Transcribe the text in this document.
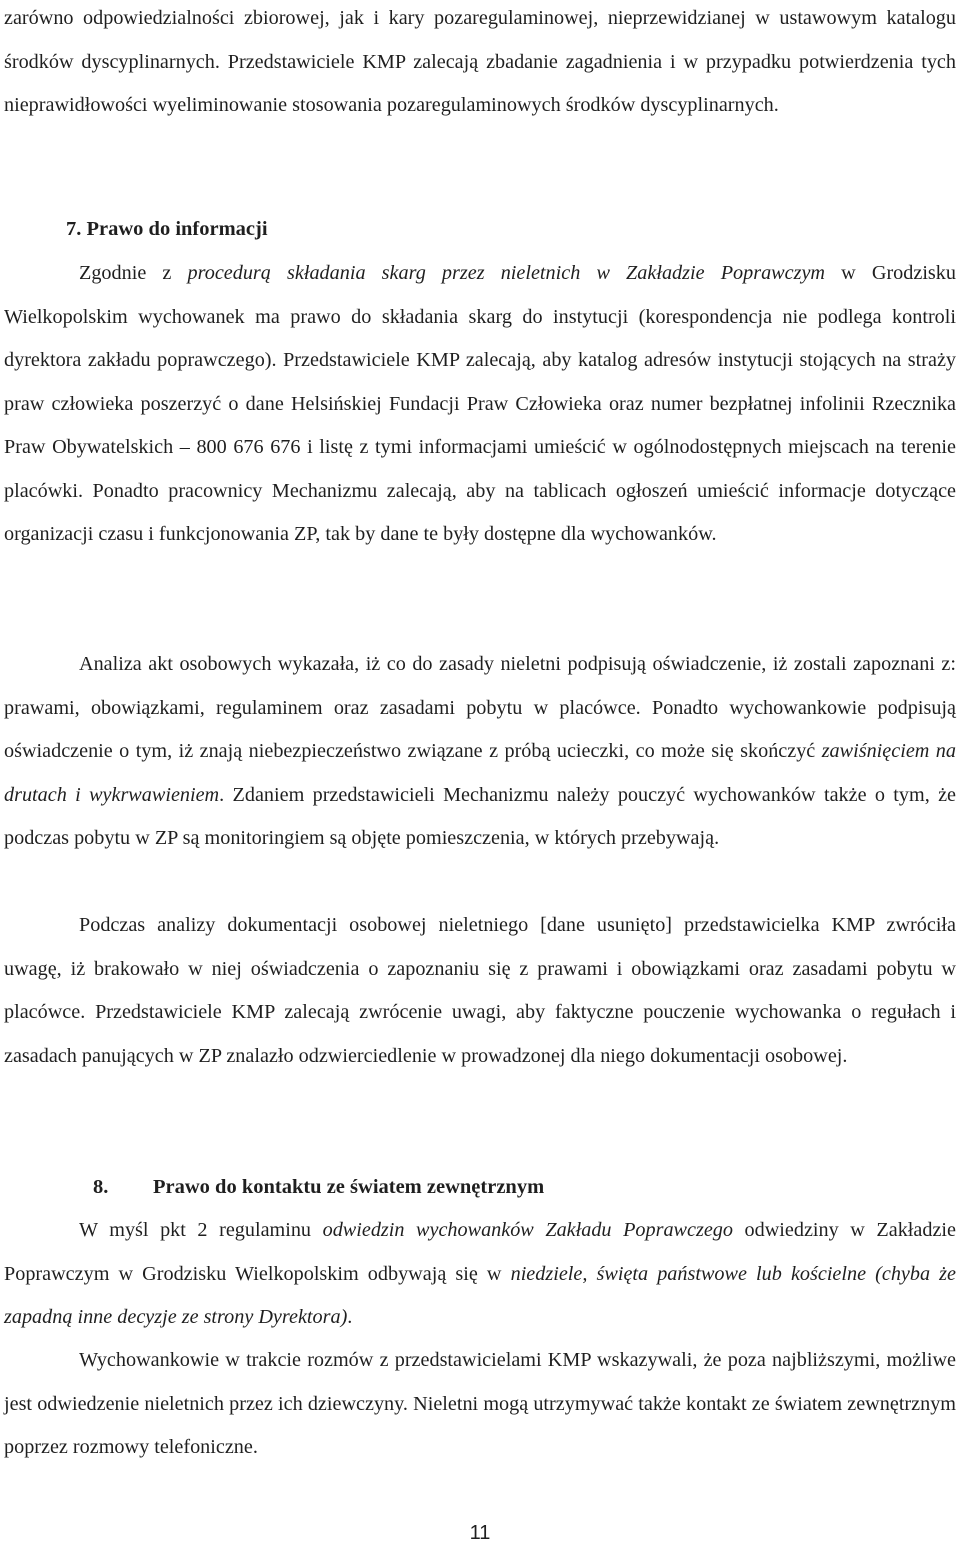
zarówno odpowiedzialności zbiorowej, jak i kary pozaregulaminowej, nieprzewidzianej w ustawowym katalogu środków dyscyplinarnych. Przedstawiciele KMP zalecają zbadanie zagadnienia i w przypadku potwierdzenia tych nieprawidłowości wyeliminowanie stosowania pozaregulaminowych środków dyscyplinarnych.

7. Prawo do informacji

Zgodnie z procedurą składania skarg przez nieletnich w Zakładzie Poprawczym w Grodzisku Wielkopolskim wychowanek ma prawo do składania skarg do instytucji (korespondencja nie podlega kontroli dyrektora zakładu poprawczego). Przedstawiciele KMP zalecają, aby katalog adresów instytucji stojących na straży praw człowieka poszerzyć o dane Helsińskiej Fundacji Praw Człowieka oraz numer bezpłatnej infolinii Rzecznika Praw Obywatelskich – 800 676 676 i listę z tymi informacjami umieścić w ogólnodostępnych miejscach na terenie placówki. Ponadto pracownicy Mechanizmu zalecają, aby na tablicach ogłoszeń umieścić informacje dotyczące organizacji czasu i funkcjonowania ZP, tak by dane te były dostępne dla wychowanków.

Analiza akt osobowych wykazała, iż co do zasady nieletni podpisują oświadczenie, iż zostali zapoznani z: prawami, obowiązkami, regulaminem oraz zasadami pobytu w placówce. Ponadto wychowankowie podpisują oświadczenie o tym, iż znają niebezpieczeństwo związane z próbą ucieczki, co może się skończyć zawiśnięciem na drutach i wykrwawieniem. Zdaniem przedstawicieli Mechanizmu należy pouczyć wychowanków także o tym, że podczas pobytu w ZP są monitoringiem są objęte pomieszczenia, w których przebywają.

Podczas analizy dokumentacji osobowej nieletniego [dane usunięto] przedstawicielka KMP zwróciła uwagę, iż brakowało w niej oświadczenia o zapoznaniu się z prawami i obowiązkami oraz zasadami pobytu w placówce. Przedstawiciele KMP zalecają zwrócenie uwagi, aby faktyczne pouczenie wychowanka o regułach i zasadach panujących w ZP znalazło odzwierciedlenie w prowadzonej dla niego dokumentacji osobowej.

8. Prawo do kontaktu ze światem zewnętrznym

W myśl pkt 2 regulaminu odwiedzin wychowanków Zakładu Poprawczego odwiedziny w Zakładzie Poprawczym w Grodzisku Wielkopolskim odbywają się w niedziele, święta państwowe lub kościelne (chyba że zapadną inne decyzje ze strony Dyrektora).

Wychowankowie w trakcie rozmów z przedstawicielami KMP wskazywali, że poza najbliższymi, możliwe jest odwiedzenie nieletnich przez ich dziewczyny. Nieletni mogą utrzymywać także kontakt ze światem zewnętrznym poprzez rozmowy telefoniczne.

11
